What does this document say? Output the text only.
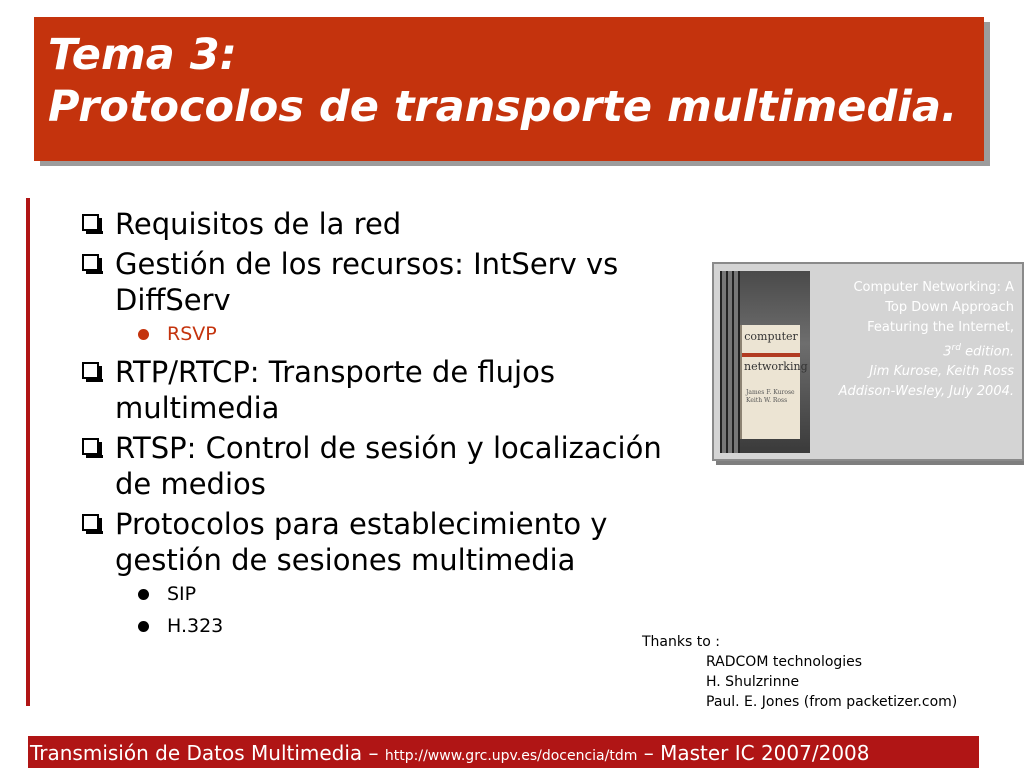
Tema 3:
Protocolos de transporte multimedia.
Requisitos de la red
Gestión de los recursos: IntServ vs DiffServ
RSVP
RTP/RTCP: Transporte de flujos multimedia
RTSP: Control de sesión y localización de medios
Protocolos para establecimiento y gestión de sesiones multimedia
SIP
H.323
computer
networking
James F. Kurose Keith W. Ross
Computer Networking: A
Top Down Approach
Featuring the Internet,
3rd edition.
Jim Kurose, Keith Ross
Addison-Wesley, July 2004.
Thanks to :
RADCOM technologies
H. Shulzrinne
Paul. E. Jones (from packetizer.com)
Transmisión de Datos Multimedia – http://www.grc.upv.es/docencia/tdm – Master IC 2007/2008
